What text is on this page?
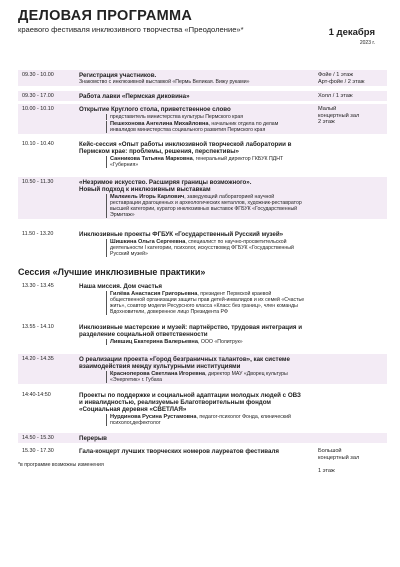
ДЕЛОВАЯ ПРОГРАММА
краевого фестиваля инклюзивного творчества «Преодоление»*	1 декабря
2023 г.
09.30 - 10.00	Регистрация участников.
Знакомство с инклюзивной выставкой «Пермь Великая. Вижу руками»
Фойе / 1 этаж
Арт-фойе / 2 этаж
09.30 - 17.00	Работа лавки «Пермская диковина»	Холл / 1 этаж
10.00 - 10.10	Открытие Круглого стола, приветственное слово
представитель министерства культуры Пермского края
Пешехонова Ангелина Михайловна, начальник отдела по делам инвалидов министерства социального развития Пермского края
Малый
концертный зал
2 этаж
10.10 - 10.40	Кейс-сессия «Опыт работы инклюзивной творческой лаборатории в Пермском крае: проблемы, решения, перспективы»
Санникова Татьяна Марковна, генеральный директор ГКБУК ПДНТ «Губерния»
10.50 - 11.30	«Незримое искусство. Расширяя границы возможного».
Новый подход к инклюзивным выставкам
Малкиель Игорь Карлович, заведующий лабораторией научной реставрации драгоценных и археологических металлов, художник-реставратор высшей категории, куратор инклюзивных выставок ФГБУК «Государственный Эрмитаж»
11.50 - 13.20	Инклюзивные проекты ФГБУК «Государственный Русский музей»
Шишкина Ольга Сергеевна, специалист по научно-просветительской деятельности I категории, психолог, искусствовед ФГБУК «Государственный Русский музей»
Сессия «Лучшие инклюзивные практики»
13.30 - 13.45	Наша миссия. Дом счастья
Гилёва Анастасия Григорьевна, президент Пермской краевой общественной организации защиты прав детей-инвалидов и их семей «Счастье жить», соавтор модели Ресурсного класса «Класс без границ», член команды Вдохновители, доверенное лицо Президента РФ
13.55 - 14.10	Инклюзивные мастерские и музей: партнёрство, трудовая интеграция и разделение социальной ответственности
Лившиц Екатерина Валерьевна, ООО «Политрук»
14.20 - 14.35	О реализации проекта «Город безграничных талантов», как системе взаимодействия между культурными институциями
Красноперова Светлана Игоревна, директор МАУ «Дворец культуры «Энергетик» г. Губаха
14:40-14:50	Проекты по поддержке и социальной адаптации молодых людей с ОВЗ и инвалидностью, реализуемые Благотворительным фондом «Социальная деревня «СВЕТЛАЯ»
Нурдинова Русина Рустамовна, педагог-психолог Фонда, клинический психолог,дефектолог
14.50 - 15.30	Перерыв
15.30 - 17.30	Гала-концерт лучших творческих номеров лауреатов фестиваля	Большой
концертный зал

1 этаж
*в программе возможны изменения
